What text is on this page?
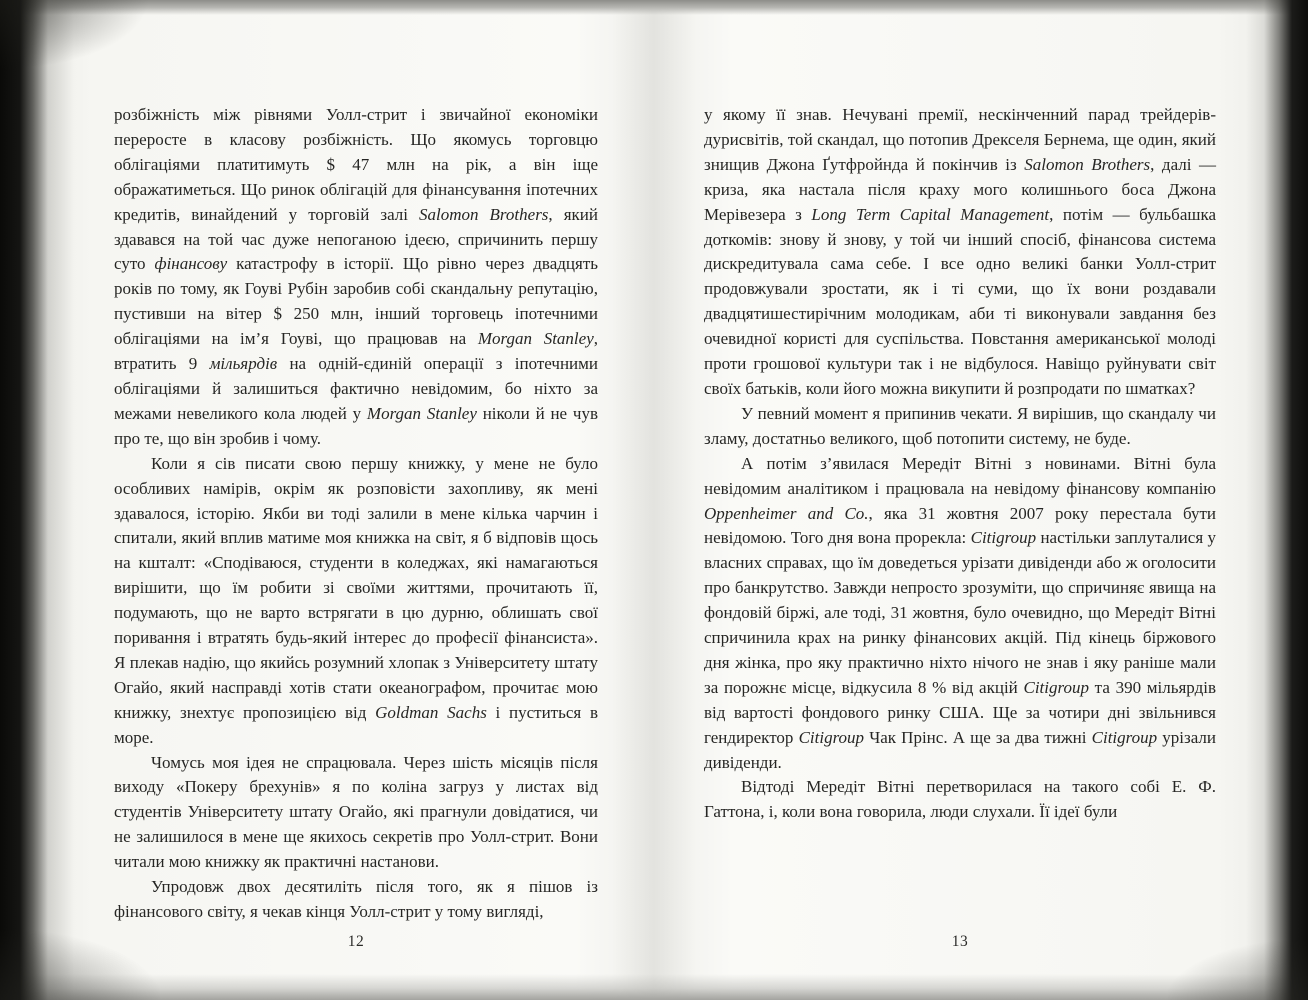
розбіжність між рівнями Уолл-стрит і звичайної економіки переросте в класову розбіжність. Що якомусь торговцю облігаціями платитимуть $ 47 млн на рік, а він іще ображатиметься. Що ринок облігацій для фінансування іпотечних кредитів, винайдений у торговій залі Salomon Brothers, який здавався на той час дуже непоганою ідеєю, спричинить першу суто фінансову катастрофу в історії. Що рівно через двадцять років по тому, як Гоуві Рубін заробив собі скандальну репутацію, пустивши на вітер $ 250 млн, інший торговець іпотечними облігаціями на ім’я Гоуві, що працював на Morgan Stanley, втратить 9 мільярдів на одній-єдиній операції з іпотечними облігаціями й залишиться фактично невідомим, бо ніхто за межами невеликого кола людей у Morgan Stanley ніколи й не чув про те, що він зробив і чому.

Коли я сів писати свою першу книжку, у мене не було особливих намірів, окрім як розповісти захопливу, як мені здавалося, історію. Якби ви тоді залили в мене кілька чарчин і спитали, який вплив матиме моя книжка на світ, я б відповів щось на кшталт: «Сподіваюся, студенти в коледжах, які намагаються вирішити, що їм робити зі своїми життями, прочитають її, подумають, що не варто встрягати в цю дурню, облишать свої поривання і втратять будь-який інтерес до професії фінансиста». Я плекав надію, що якийсь розумний хлопак з Університету штату Огайо, який насправді хотів стати океанографом, прочитає мою книжку, знехтує пропозицією від Goldman Sachs і пуститься в море.

Чомусь моя ідея не спрацювала. Через шість місяців після виходу «Покеру брехунів» я по коліна загруз у листах від студентів Університету штату Огайо, які прагнули довідатися, чи не залишилося в мене ще якихось секретів про Уолл-стрит. Вони читали мою книжку як практичні настанови.

Упродовж двох десятиліть після того, як я пішов із фінансового світу, я чекав кінця Уолл-стрит у тому вигляді,

у якому її знав. Нечувані премії, нескінченний парад трейдерів-дурисвітів, той скандал, що потопив Дрекселя Бернема, ще один, який знищив Джона Ґутфройнда й покінчив із Salomon Brothers, далі — криза, яка настала після краху мого колишнього боса Джона Мерівезера з Long Term Capital Management, потім — бульбашка доткомів: знову й знову, у той чи інший спосіб, фінансова система дискредитувала сама себе. І все одно великі банки Уолл-стрит продовжували зростати, як і ті суми, що їх вони роздавали двадцятишестирічним молодикам, аби ті виконували завдання без очевидної користі для суспільства. Повстання американської молоді проти грошової культури так і не відбулося. Навіщо руйнувати світ своїх батьків, коли його можна викупити й розпродати по шматках?

У певний момент я припинив чекати. Я вирішив, що скандалу чи зламу, достатньо великого, щоб потопити систему, не буде.

А потім з’явилася Мередіт Вітні з новинами. Вітні була невідомим аналітиком і працювала на невідому фінансову компанію Oppenheimer and Co., яка 31 жовтня 2007 року перестала бути невідомою. Того дня вона прорекла: Citigroup настільки заплуталися у власних справах, що їм доведеться урізати дивіденди або ж оголосити про банкрутство. Завжди непросто зрозуміти, що спричиняє явища на фондовій біржі, але тоді, 31 жовтня, було очевидно, що Мередіт Вітні спричинила крах на ринку фінансових акцій. Під кінець біржового дня жінка, про яку практично ніхто нічого не знав і яку раніше мали за порожнє місце, відкусила 8 % від акцій Citigroup та 390 мільярдів від вартості фондового ринку США. Ще за чотири дні звільнився гендиректор Citigroup Чак Прінс. А ще за два тижні Citigroup урізали дивіденди.

Відтоді Мередіт Вітні перетворилася на такого собі Е. Ф. Гаттона, і, коли вона говорила, люди слухали. Її ідеї були

12	13
